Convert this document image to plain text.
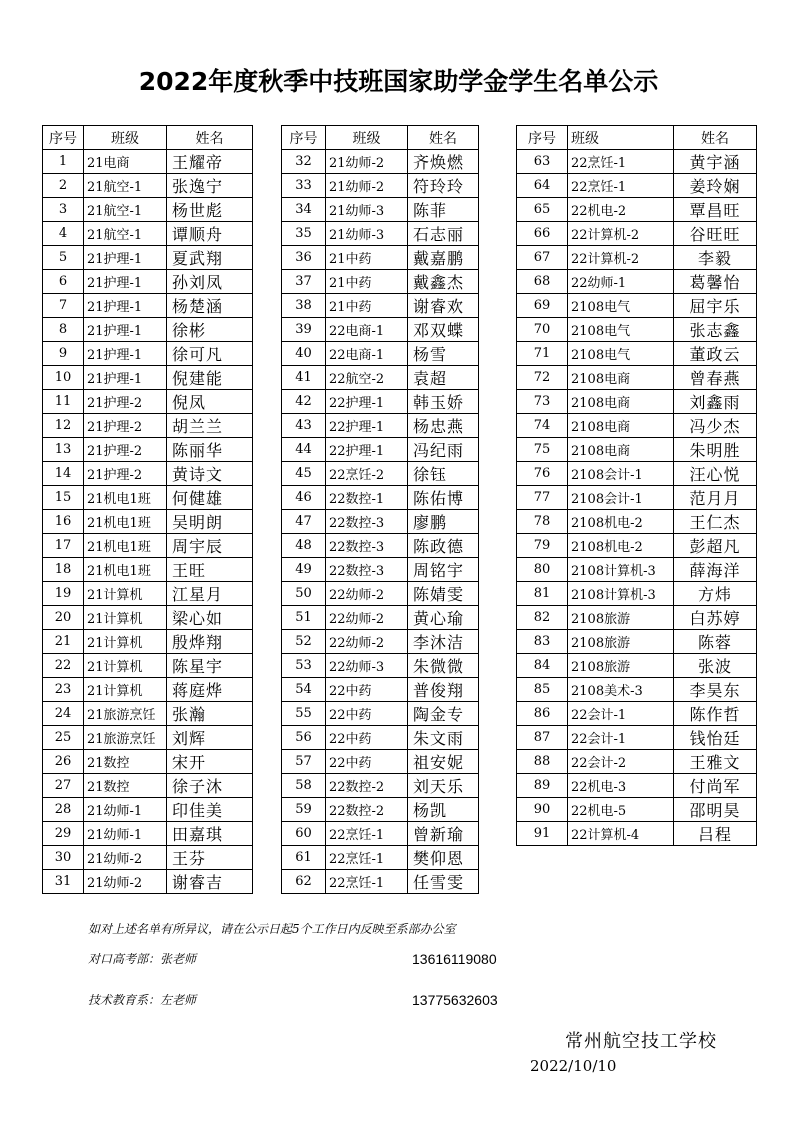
2022年度秋季中技班国家助学金学生名单公示
序号	班级	姓名
1	21电商	王耀帝
2	21航空-1	张逸宁
3	21航空-1	杨世彪
4	21航空-1	谭顺舟
5	21护理-1	夏武翔
6	21护理-1	孙刘凤
7	21护理-1	杨楚涵
8	21护理-1	徐彬
9	21护理-1	徐可凡
10	21护理-1	倪建能
11	21护理-2	倪凤
12	21护理-2	胡兰兰
13	21护理-2	陈丽华
14	21护理-2	黄诗文
15	21机电1班	何健雄
16	21机电1班	吴明朗
17	21机电1班	周宇辰
18	21机电1班	王旺
19	21计算机	江星月
20	21计算机	梁心如
21	21计算机	殷烨翔
22	21计算机	陈星宇
23	21计算机	蒋庭烨
24	21旅游烹饪	张瀚
25	21旅游烹饪	刘辉
26	21数控	宋开
27	21数控	徐子沐
28	21幼师-1	印佳美
29	21幼师-1	田嘉琪
30	21幼师-2	王芬
31	21幼师-2	谢睿吉
序号	班级	姓名
32	21幼师-2	齐焕燃
33	21幼师-2	符玲玲
34	21幼师-3	陈菲
35	21幼师-3	石志丽
36	21中药	戴嘉鹏
37	21中药	戴鑫杰
38	21中药	谢睿欢
39	22电商-1	邓双蝶
40	22电商-1	杨雪
41	22航空-2	袁超
42	22护理-1	韩玉娇
43	22护理-1	杨忠燕
44	22护理-1	冯纪雨
45	22烹饪-2	徐钰
46	22数控-1	陈佑博
47	22数控-3	廖鹏
48	22数控-3	陈政德
49	22数控-3	周铭宇
50	22幼师-2	陈婧雯
51	22幼师-2	黄心瑜
52	22幼师-2	李沐洁
53	22幼师-3	朱微微
54	22中药	普俊翔
55	22中药	陶金专
56	22中药	朱文雨
57	22中药	祖安妮
58	22数控-2	刘天乐
59	22数控-2	杨凯
60	22烹饪-1	曾新瑜
61	22烹饪-1	樊仰恩
62	22烹饪-1	任雪雯
序号	班级	姓名
63	22烹饪-1	黄宇涵
64	22烹饪-1	姜玲娴
65	22机电-2	覃昌旺
66	22计算机-2	谷旺旺
67	22计算机-2	李毅
68	22幼师-1	葛馨怡
69	2108电气	屈宇乐
70	2108电气	张志鑫
71	2108电气	董政云
72	2108电商	曾春燕
73	2108电商	刘鑫雨
74	2108电商	冯少杰
75	2108电商	朱明胜
76	2108会计-1	汪心悦
77	2108会计-1	范月月
78	2108机电-2	王仁杰
79	2108机电-2	彭超凡
80	2108计算机-3	薛海洋
81	2108计算机-3	方炜
82	2108旅游	白苏婷
83	2108旅游	陈蓉
84	2108旅游	张波
85	2108美术-3	李昊东
86	22会计-1	陈作哲
87	22会计-1	钱怡廷
88	22会计-2	王雅文
89	22机电-3	付尚军
90	22机电-5	邵明昊
91	22计算机-4	吕程
如对上述名单有所异议，请在公示日起5个工作日内反映至系部办公室
对口高考部：张老师	13616119080
技术教育系：左老师	13775632603
常州航空技工学校
2022/10/10
